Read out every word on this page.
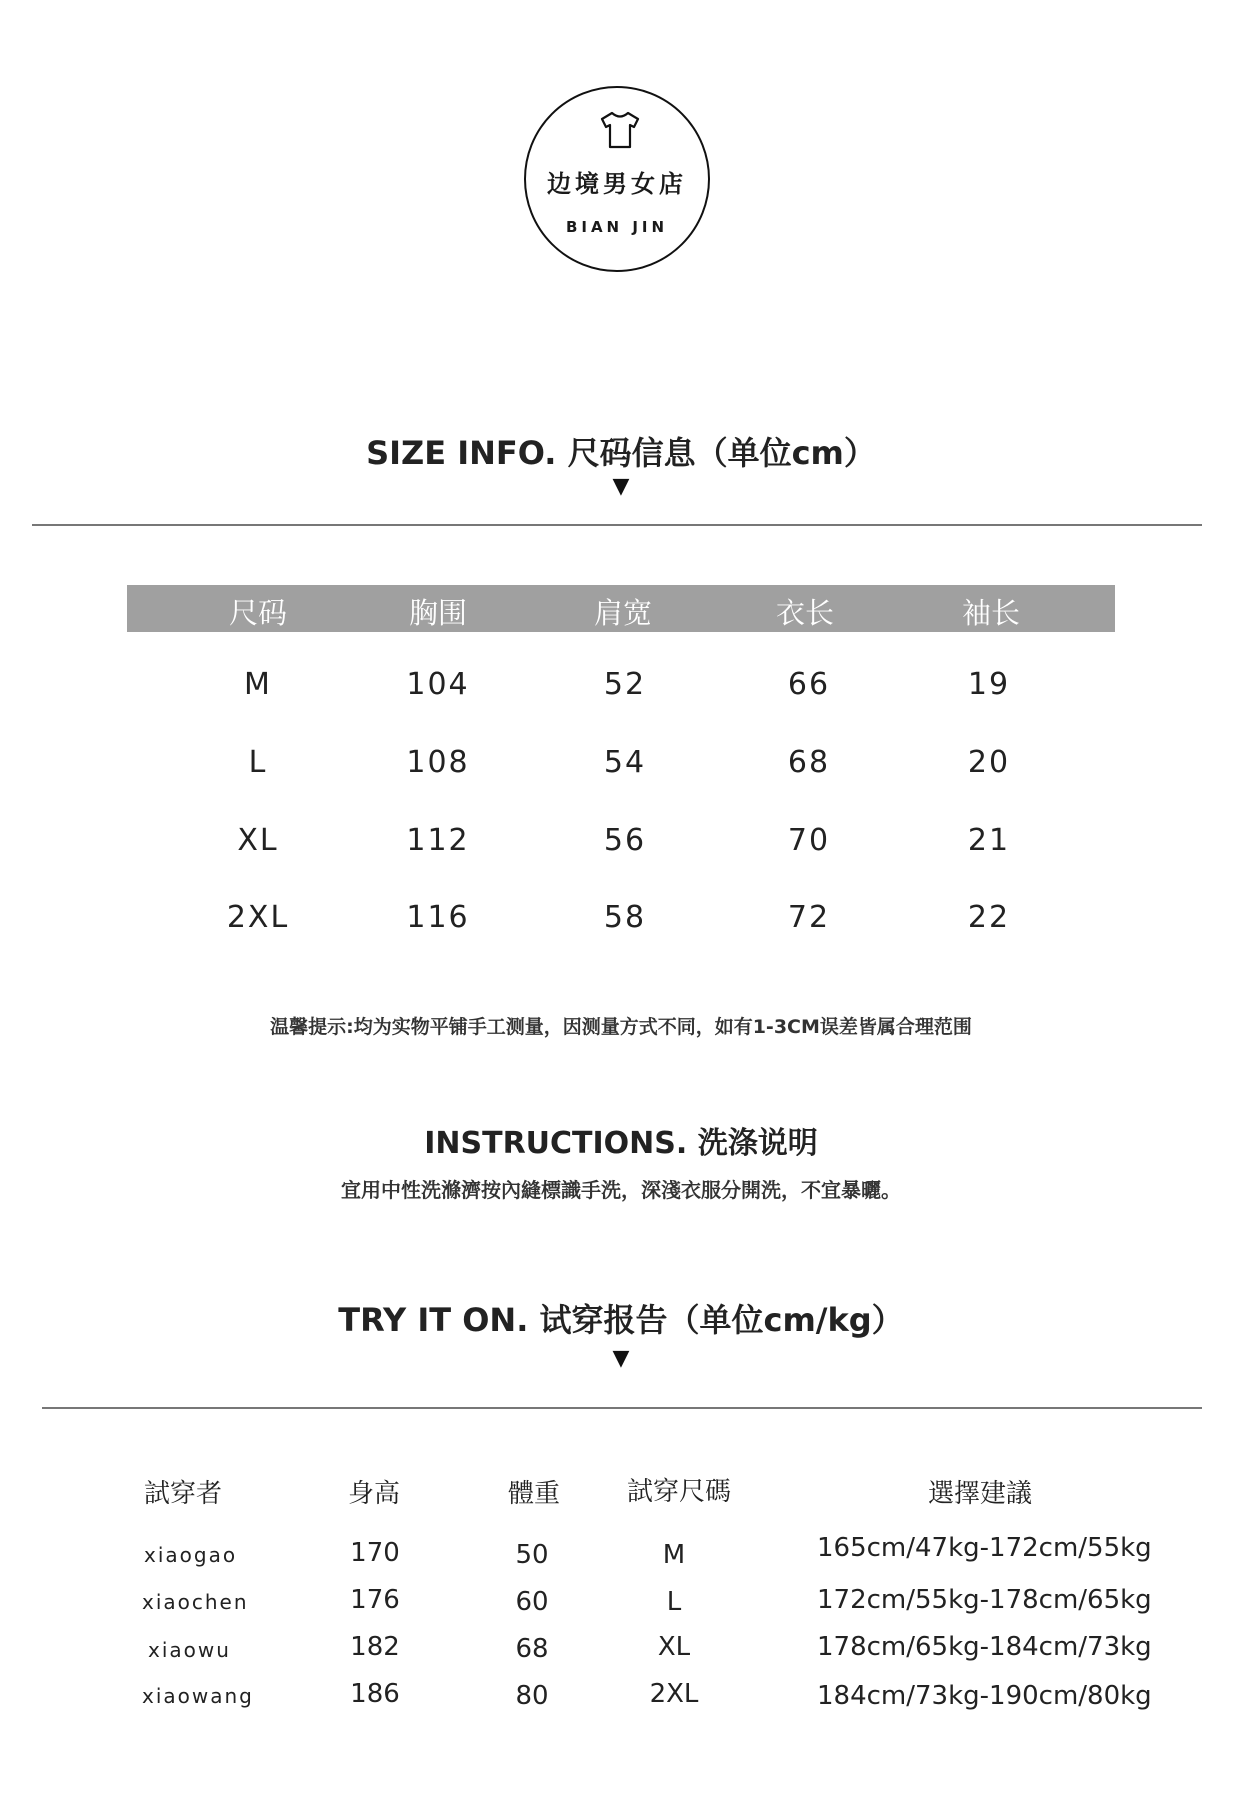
边境男女店
BIAN JIN
SIZE INFO. 尺码信息（单位cm）
▼
尺码	胸围	肩宽	衣长	袖长
M	104	52	66	19
L	108	54	68	20
XL	112	56	70	21
2XL	116	58	72	22
温馨提示:均为实物平铺手工测量，因测量方式不同，如有1-3CM误差皆属合理范围
INSTRUCTIONS. 洗涤说明
宜用中性洗滌濟按內縫標識手洗，深淺衣服分開洗，不宜暴曬。
TRY IT ON. 试穿报告（单位cm/kg）
▼
試穿者	身高	體重	試穿尺碼	選擇建議
xiaogao	170	50	M	165cm/47kg-172cm/55kg
xiaochen	176	60	L	172cm/55kg-178cm/65kg
xiaowu	182	68	XL	178cm/65kg-184cm/73kg
xiaowang	186	80	2XL	184cm/73kg-190cm/80kg
